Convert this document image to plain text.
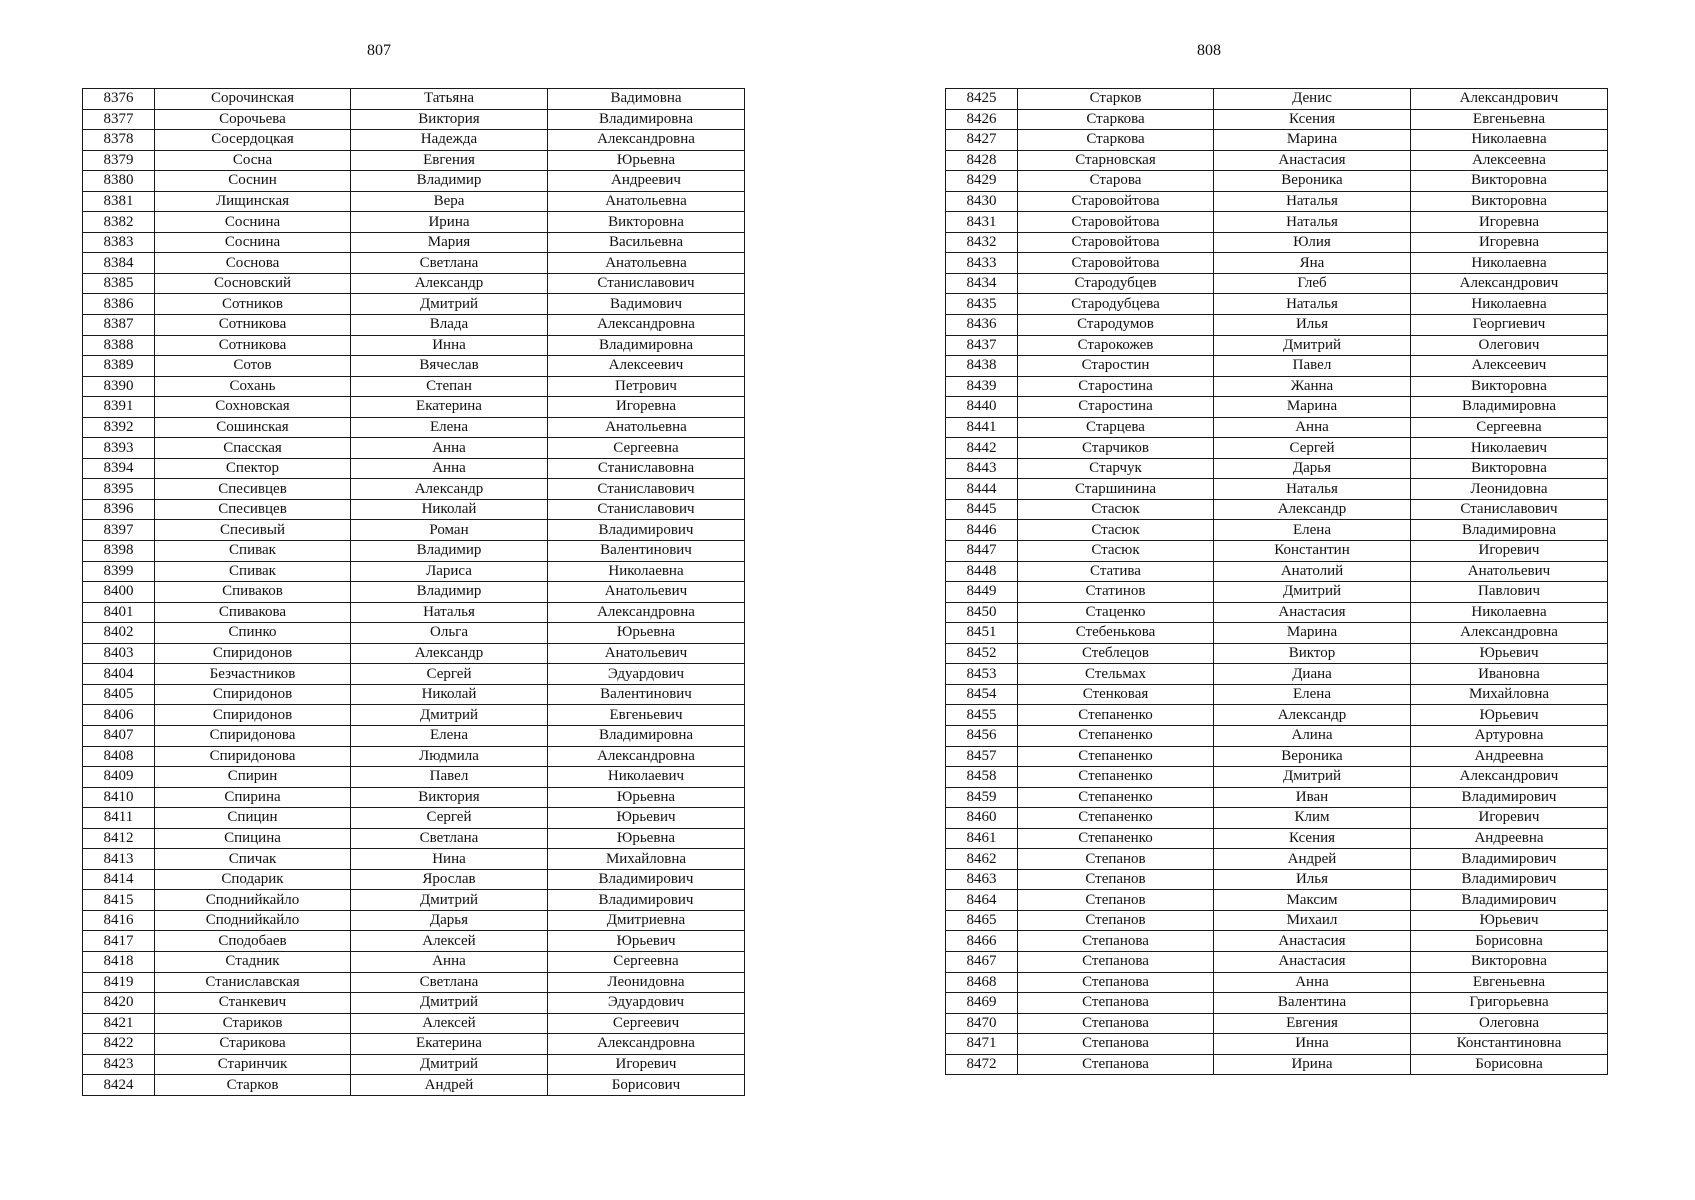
807
8376	Сорочинская	Татьяна	Вадимовна
8377	Сорочьева	Виктория	Владимировна
8378	Сосердоцкая	Надежда	Александровна
8379	Сосна	Евгения	Юрьевна
8380	Соснин	Владимир	Андреевич
8381	Лищинская	Вера	Анатольевна
8382	Соснина	Ирина	Викторовна
8383	Соснина	Мария	Васильевна
8384	Соснова	Светлана	Анатольевна
8385	Сосновский	Александр	Станиславович
8386	Сотников	Дмитрий	Вадимович
8387	Сотникова	Влада	Александровна
8388	Сотникова	Инна	Владимировна
8389	Сотов	Вячеслав	Алексеевич
8390	Сохань	Степан	Петрович
8391	Сохновская	Екатерина	Игоревна
8392	Сошинская	Елена	Анатольевна
8393	Спасская	Анна	Сергеевна
8394	Спектор	Анна	Станиславовна
8395	Спесивцев	Александр	Станиславович
8396	Спесивцев	Николай	Станиславович
8397	Спесивый	Роман	Владимирович
8398	Спивак	Владимир	Валентинович
8399	Спивак	Лариса	Николаевна
8400	Спиваков	Владимир	Анатольевич
8401	Спивакова	Наталья	Александровна
8402	Спинко	Ольга	Юрьевна
8403	Спиридонов	Александр	Анатольевич
8404	Безчастников	Сергей	Эдуардович
8405	Спиридонов	Николай	Валентинович
8406	Спиридонов	Дмитрий	Евгеньевич
8407	Спиридонова	Елена	Владимировна
8408	Спиридонова	Людмила	Александровна
8409	Спирин	Павел	Николаевич
8410	Спирина	Виктория	Юрьевна
8411	Спицин	Сергей	Юрьевич
8412	Спицина	Светлана	Юрьевна
8413	Спичак	Нина	Михайловна
8414	Сподарик	Ярослав	Владимирович
8415	Споднийкайло	Дмитрий	Владимирович
8416	Споднийкайло	Дарья	Дмитриевна
8417	Сподобаев	Алексей	Юрьевич
8418	Стадник	Анна	Сергеевна
8419	Станиславская	Светлана	Леонидовна
8420	Станкевич	Дмитрий	Эдуардович
8421	Стариков	Алексей	Сергеевич
8422	Старикова	Екатерина	Александровна
8423	Старинчик	Дмитрий	Игоревич
8424	Старков	Андрей	Борисович
808
8425	Старков	Денис	Александрович
8426	Старкова	Ксения	Евгеньевна
8427	Старкова	Марина	Николаевна
8428	Старновская	Анастасия	Алексеевна
8429	Старова	Вероника	Викторовна
8430	Старовойтова	Наталья	Викторовна
8431	Старовойтова	Наталья	Игоревна
8432	Старовойтова	Юлия	Игоревна
8433	Старовойтова	Яна	Николаевна
8434	Стародубцев	Глеб	Александрович
8435	Стародубцева	Наталья	Николаевна
8436	Стародумов	Илья	Георгиевич
8437	Старокожев	Дмитрий	Олегович
8438	Старостин	Павел	Алексеевич
8439	Старостина	Жанна	Викторовна
8440	Старостина	Марина	Владимировна
8441	Старцева	Анна	Сергеевна
8442	Старчиков	Сергей	Николаевич
8443	Старчук	Дарья	Викторовна
8444	Старшинина	Наталья	Леонидовна
8445	Стасюк	Александр	Станиславович
8446	Стасюк	Елена	Владимировна
8447	Стасюк	Константин	Игоревич
8448	Статива	Анатолий	Анатольевич
8449	Статинов	Дмитрий	Павлович
8450	Стаценко	Анастасия	Николаевна
8451	Стебенькова	Марина	Александровна
8452	Стеблецов	Виктор	Юрьевич
8453	Стельмах	Диана	Ивановна
8454	Стенковая	Елена	Михайловна
8455	Степаненко	Александр	Юрьевич
8456	Степаненко	Алина	Артуровна
8457	Степаненко	Вероника	Андреевна
8458	Степаненко	Дмитрий	Александрович
8459	Степаненко	Иван	Владимирович
8460	Степаненко	Клим	Игоревич
8461	Степаненко	Ксения	Андреевна
8462	Степанов	Андрей	Владимирович
8463	Степанов	Илья	Владимирович
8464	Степанов	Максим	Владимирович
8465	Степанов	Михаил	Юрьевич
8466	Степанова	Анастасия	Борисовна
8467	Степанова	Анастасия	Викторовна
8468	Степанова	Анна	Евгеньевна
8469	Степанова	Валентина	Григорьевна
8470	Степанова	Евгения	Олеговна
8471	Степанова	Инна	Константиновна
8472	Степанова	Ирина	Борисовна
